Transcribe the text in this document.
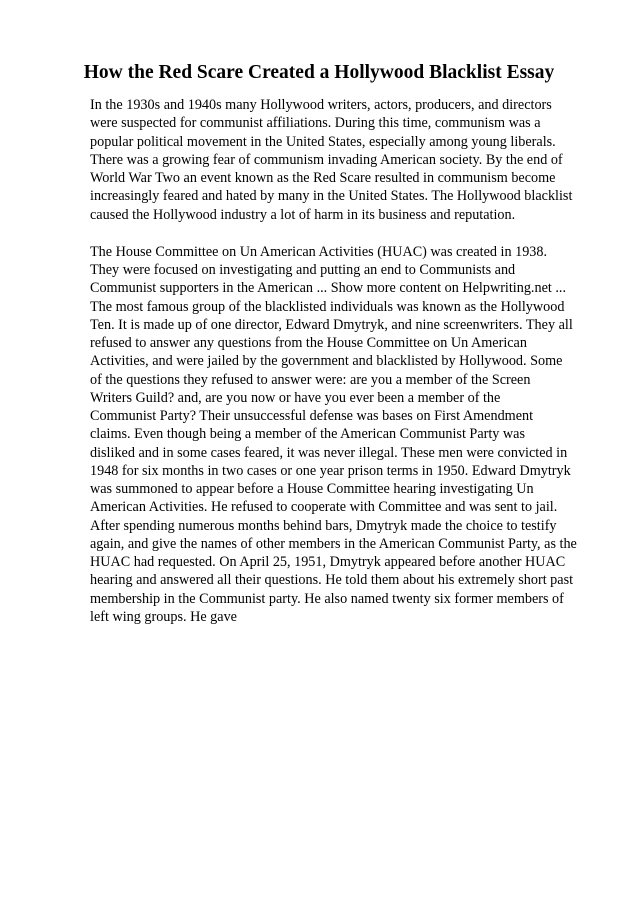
How the Red Scare Created a Hollywood Blacklist Essay
In the 1930s and 1940s many Hollywood writers, actors, producers, and directors
were suspected for communist affiliations. During this time, communism was a
popular political movement in the United States, especially among young liberals.
There was a growing fear of communism invading American society. By the end of
World War Two an event known as the Red Scare resulted in communism become
increasingly feared and hated by many in the United States. The Hollywood blacklist
caused the Hollywood industry a lot of harm in its business and reputation.
The House Committee on Un American Activities (HUAC) was created in 1938.
They were focused on investigating and putting an end to Communists and
Communist supporters in the American ... Show more content on Helpwriting.net ...
The most famous group of the blacklisted individuals was known as the Hollywood
Ten. It is made up of one director, Edward Dmytryk, and nine screenwriters. They all
refused to answer any questions from the House Committee on Un American
Activities, and were jailed by the government and blacklisted by Hollywood. Some
of the questions they refused to answer were: are you a member of the Screen
Writers Guild? and, are you now or have you ever been a member of the
Communist Party? Their unsuccessful defense was bases on First Amendment
claims. Even though being a member of the American Communist Party was
disliked and in some cases feared, it was never illegal. These men were convicted in
1948 for six months in two cases or one year prison terms in 1950. Edward Dmytryk
was summoned to appear before a House Committee hearing investigating Un
American Activities. He refused to cooperate with Committee and was sent to jail.
After spending numerous months behind bars, Dmytryk made the choice to testify
again, and give the names of other members in the American Communist Party, as the
HUAC had requested. On April 25, 1951, Dmytryk appeared before another HUAC
hearing and answered all their questions. He told them about his extremely short past
membership in the Communist party. He also named twenty six former members of
left wing groups. He gave
